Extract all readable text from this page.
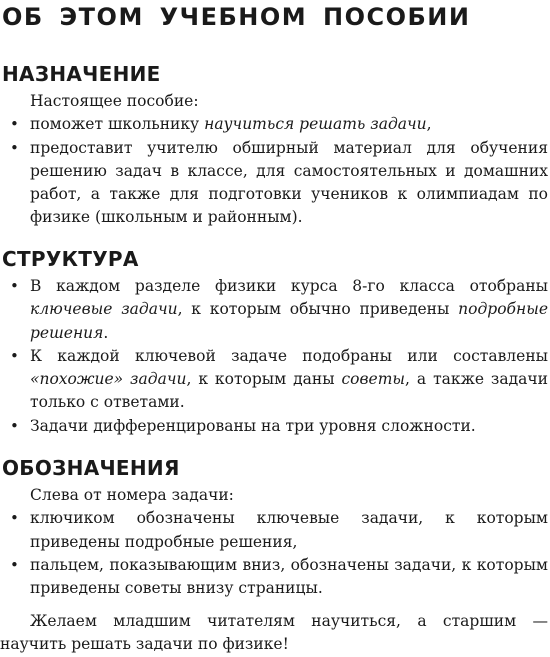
ОБ ЭТОМ УЧЕБНОМ ПОСОБИИ
НАЗНАЧЕНИЕ
Настоящее пособие:
• поможет школьнику научиться решать задачи,
• предоставит учителю обширный материал для обучения решению задач в классе, для самостоятельных и домашних работ, а также для подготовки учеников к олимпиадам по физике (школьным и районным).
СТРУКТУРА
• В каждом разделе физики курса 8-го класса отобраны ключевые задачи, к которым обычно приведены подробные решения.
• К каждой ключевой задаче подобраны или составлены «похожие» задачи, к которым даны советы, а также задачи только с ответами.
• Задачи дифференцированы на три уровня сложности.
ОБОЗНАЧЕНИЯ
Слева от номера задачи:
• ключиком обозначены ключевые задачи, к которым приведены подробные решения,
• пальцем, показывающим вниз, обозначены задачи, к которым приведены советы внизу страницы.

Желаем младшим читателям научиться, а старшим — научить решать задачи по физике!
